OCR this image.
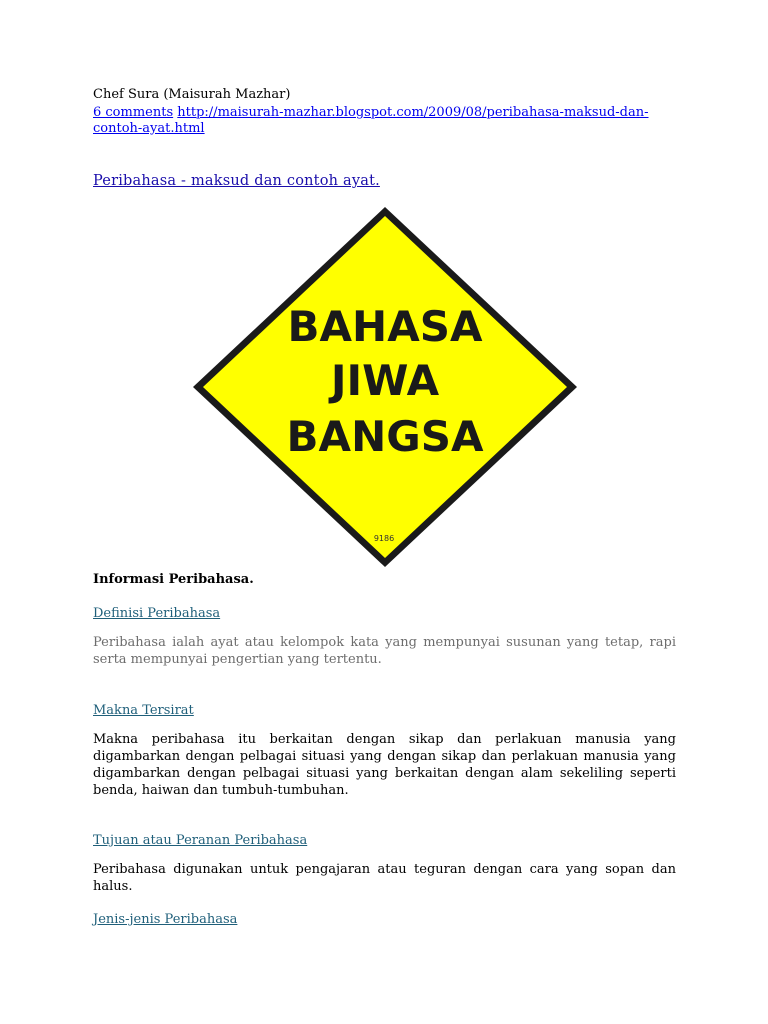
Chef Sura (Maisurah Mazhar)
6 comments http://maisurah-mazhar.blogspot.com/2009/08/peribahasa-maksud-dan-contoh-ayat.html
Peribahasa - maksud dan contoh ayat.
BAHASA
JIWA
BANGSA
9186
Informasi Peribahasa.
Definisi Peribahasa
Peribahasa ialah ayat atau kelompok kata yang mempunyai susunan yang tetap, rapi serta mempunyai pengertian yang tertentu.
Makna Tersirat
Makna peribahasa itu berkaitan dengan sikap dan perlakuan manusia yang digambarkan dengan pelbagai situasi yang dengan sikap dan perlakuan manusia yang digambarkan dengan pelbagai situasi yang berkaitan dengan alam sekeliling seperti benda, haiwan dan tumbuh-tumbuhan.
Tujuan atau Peranan Peribahasa
Peribahasa digunakan untuk pengajaran atau teguran dengan cara yang sopan dan halus.
Jenis-jenis Peribahasa
